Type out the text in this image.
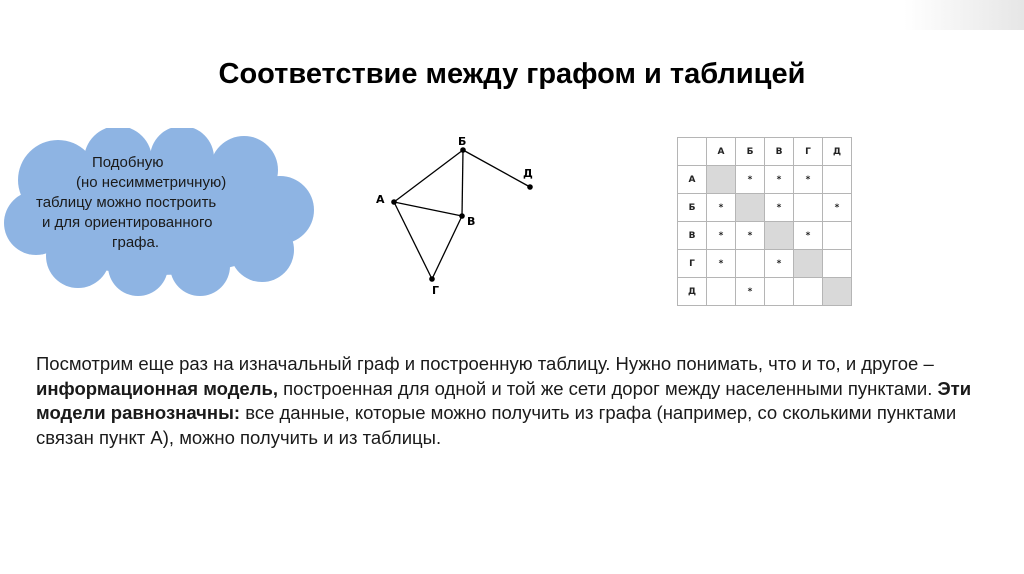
Соответствие между графом и таблицей
Подобную
(но несимметричную)
таблицу можно построить
и для ориентированного
графа.
А
Б
В
Г
Д
	А	Б	В	Г	Д
А		*	*	*	
Б	*		*		*
В	*	*		*	
Г	*		*		
Д		*			
Посмотрим еще раз на изначальный граф и построенную таблицу. Нужно понимать, что и то, и другое – информационная модель, построенная для одной и той же сети дорог между населенными пунктами. Эти модели равнозначны: все данные, которые можно получить из графа (например, со сколькими пунктами связан пункт А), можно получить и из таблицы.
